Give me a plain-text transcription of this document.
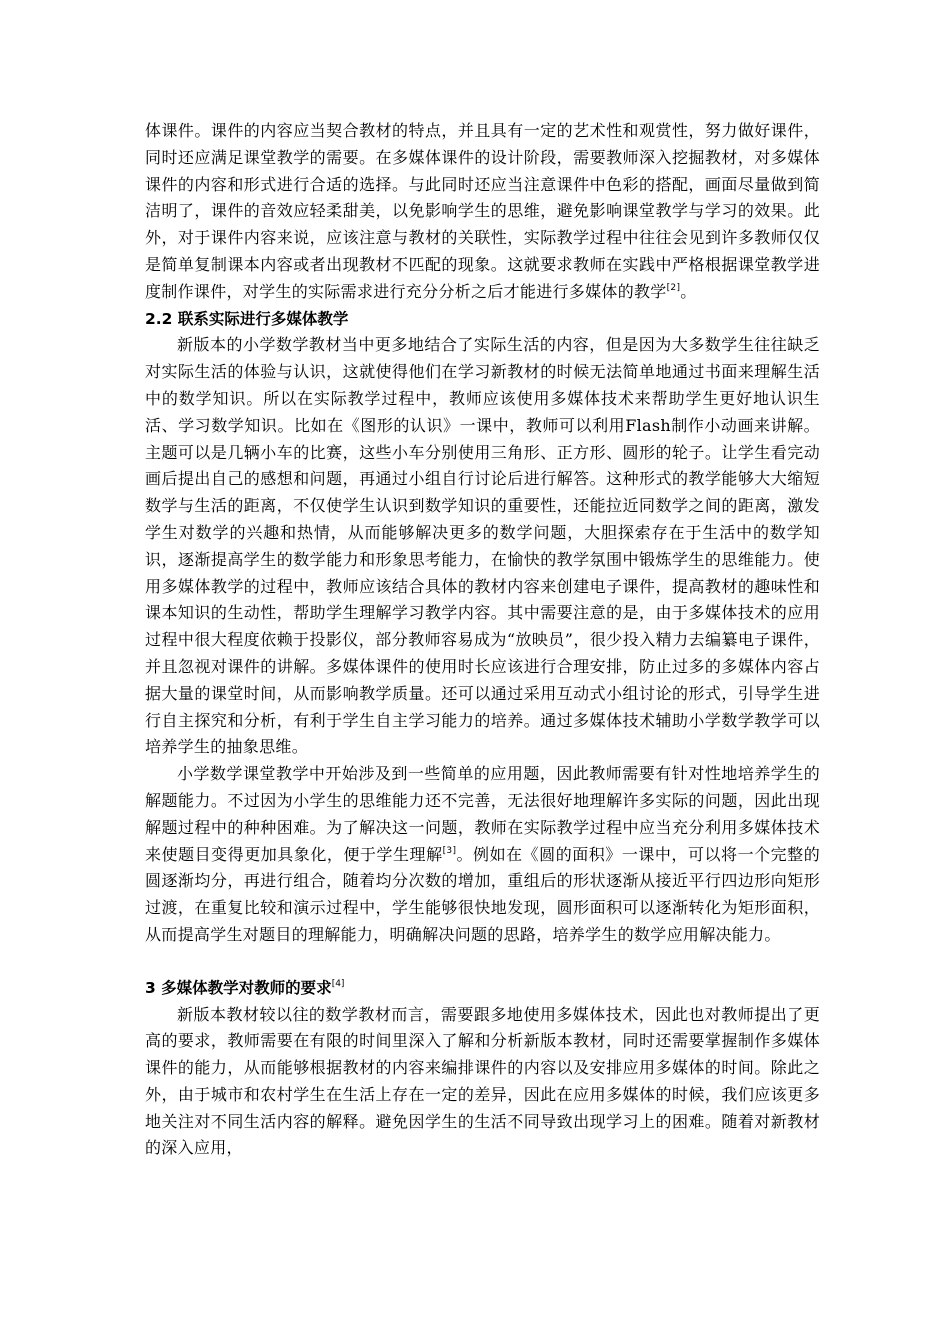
体课件。课件的内容应当契合教材的特点，并且具有一定的艺术性和观赏性，努力做好课件，同时还应满足课堂教学的需要。在多媒体课件的设计阶段，需要教师深入挖掘教材，对多媒体课件的内容和形式进行合适的选择。与此同时还应当注意课件中色彩的搭配，画面尽量做到简洁明了，课件的音效应轻柔甜美，以免影响学生的思维，避免影响课堂教学与学习的效果。此外，对于课件内容来说，应该注意与教材的关联性，实际教学过程中往往会见到许多教师仅仅是简单复制课本内容或者出现教材不匹配的现象。这就要求教师在实践中严格根据课堂教学进度制作课件，对学生的实际需求进行充分分析之后才能进行多媒体的教学[2]。

2.2 联系实际进行多媒体教学

新版本的小学数学教材当中更多地结合了实际生活的内容，但是因为大多数学生往往缺乏对实际生活的体验与认识，这就使得他们在学习新教材的时候无法简单地通过书面来理解生活中的数学知识。所以在实际教学过程中，教师应该使用多媒体技术来帮助学生更好地认识生活、学习数学知识。比如在《图形的认识》一课中，教师可以利用Flash制作小动画来讲解。主题可以是几辆小车的比赛，这些小车分别使用三角形、正方形、圆形的轮子。让学生看完动画后提出自己的感想和问题，再通过小组自行讨论后进行解答。这种形式的教学能够大大缩短数学与生活的距离，不仅使学生认识到数学知识的重要性，还能拉近同数学之间的距离，激发学生对数学的兴趣和热情，从而能够解决更多的数学问题，大胆探索存在于生活中的数学知识，逐渐提高学生的数学能力和形象思考能力，在愉快的教学氛围中锻炼学生的思维能力。使用多媒体教学的过程中，教师应该结合具体的教材内容来创建电子课件，提高教材的趣味性和课本知识的生动性，帮助学生理解学习教学内容。其中需要注意的是，由于多媒体技术的应用过程中很大程度依赖于投影仪，部分教师容易成为“放映员”，很少投入精力去编纂电子课件，并且忽视对课件的讲解。多媒体课件的使用时长应该进行合理安排，防止过多的多媒体内容占据大量的课堂时间，从而影响教学质量。还可以通过采用互动式小组讨论的形式，引导学生进行自主探究和分析，有利于学生自主学习能力的培养。通过多媒体技术辅助小学数学教学可以培养学生的抽象思维。

小学数学课堂教学中开始涉及到一些简单的应用题，因此教师需要有针对性地培养学生的解题能力。不过因为小学生的思维能力还不完善，无法很好地理解许多实际的问题，因此出现解题过程中的种种困难。为了解决这一问题，教师在实际教学过程中应当充分利用多媒体技术来使题目变得更加具象化，便于学生理解[3]。例如在《圆的面积》一课中，可以将一个完整的圆逐渐均分，再进行组合，随着均分次数的增加，重组后的形状逐渐从接近平行四边形向矩形过渡，在重复比较和演示过程中，学生能够很快地发现，圆形面积可以逐渐转化为矩形面积，从而提高学生对题目的理解能力，明确解决问题的思路，培养学生的数学应用解决能力。

3 多媒体教学对教师的要求[4]

新版本教材较以往的数学教材而言，需要跟多地使用多媒体技术，因此也对教师提出了更高的要求，教师需要在有限的时间里深入了解和分析新版本教材，同时还需要掌握制作多媒体课件的能力，从而能够根据教材的内容来编排课件的内容以及安排应用多媒体的时间。除此之外，由于城市和农村学生在生活上存在一定的差异，因此在应用多媒体的时候，我们应该更多地关注对不同生活内容的解释。避免因学生的生活不同导致出现学习上的困难。随着对新教材的深入应用，
